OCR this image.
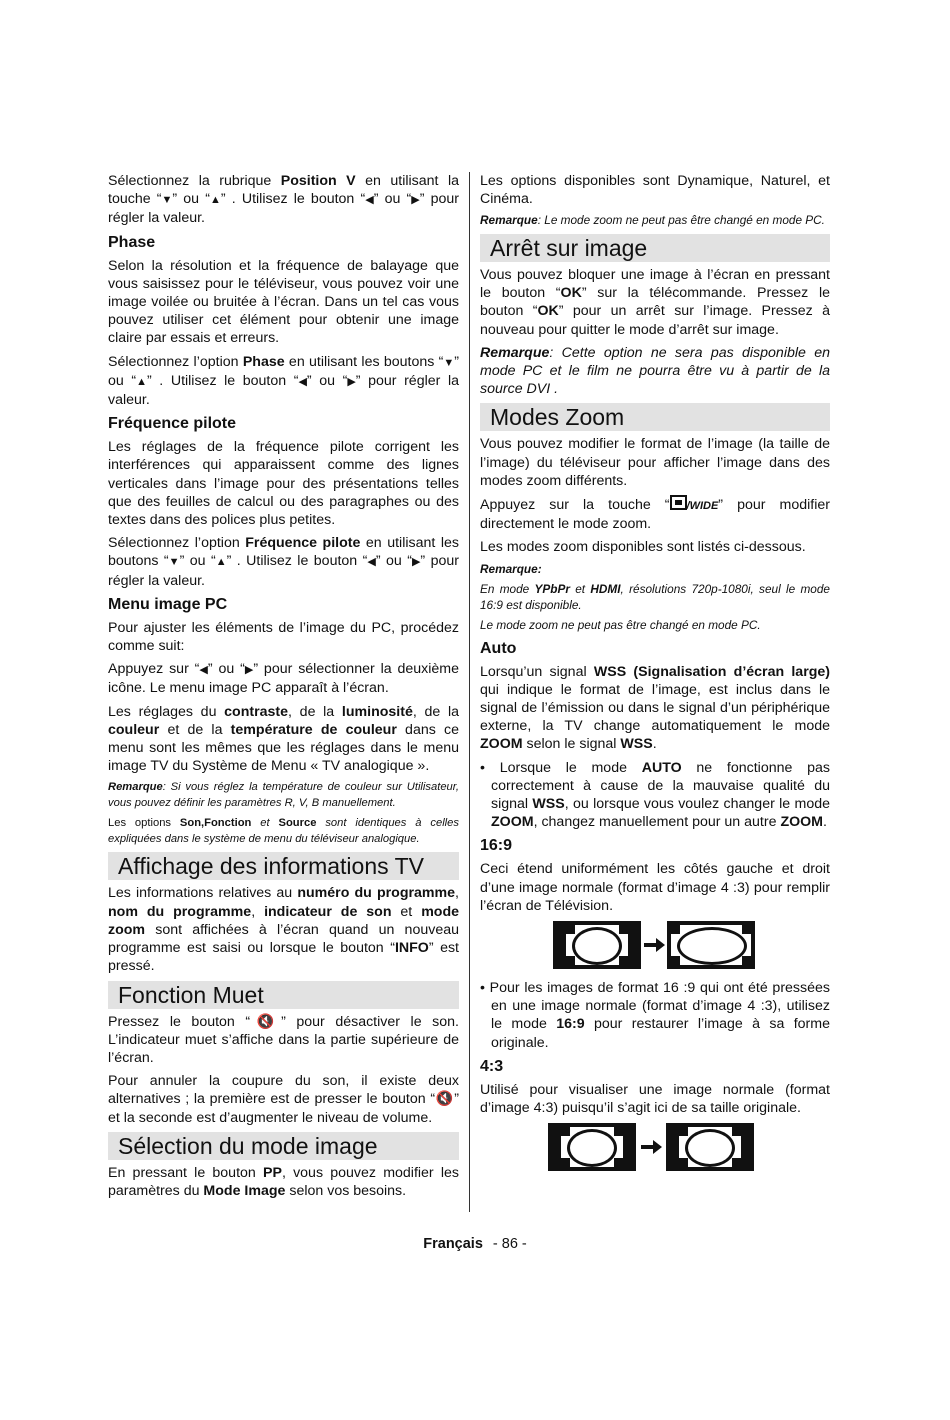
Sélectionnez la rubrique Position V en utilisant la touche “▼” ou “▲” . Utilisez le bouton “◀” ou “▶” pour régler la valeur.

Phase

Selon la résolution et la fréquence de balayage que vous saisissez pour le téléviseur, vous pouvez voir une image voilée ou bruitée à l’écran. Dans un tel cas vous pouvez utiliser cet élément pour obtenir une image claire par essais et erreurs.

Sélectionnez l’option Phase en utilisant les boutons “▼” ou “▲” . Utilisez le bouton “◀” ou “▶” pour régler la valeur.

Fréquence pilote

Les réglages de la fréquence pilote corrigent les interférences qui apparaissent comme des lignes verticales dans l’image pour des présentations telles que des feuilles de calcul ou des paragraphes ou des textes dans des polices plus petites.

Sélectionnez l’option Fréquence pilote en utilisant les boutons “▼” ou “▲” . Utilisez le bouton “◀” ou “▶” pour régler la valeur.

Menu image PC

Pour ajuster les éléments de l’image du PC, procédez comme suit:

Appuyez sur “◀” ou “▶” pour sélectionner la deuxième icône. Le menu image PC apparaît à l’écran.

Les réglages du contraste, de la luminosité, de la couleur et de la température de couleur dans ce menu sont les mêmes que les réglages dans le menu image TV du Système de Menu « TV analogique ».

Remarque: Si vous réglez la température de couleur sur Utilisateur, vous pouvez définir les paramètres R, V, B manuellement.
Les options Son,Fonction et Source sont identiques à celles expliquées dans le système de menu du téléviseur analogique.
Affichage des informations TV

Les informations relatives au numéro du programme, nom du programme, indicateur de son et mode zoom sont affichées à l’écran quand un nouveau programme est saisi ou lorsque le bouton “INFO” est pressé.

Fonction Muet

Pressez le bouton “🔇” pour désactiver le son. L’indicateur muet s’affiche dans la partie supérieure de l’écran.

Pour annuler la coupure du son, il existe deux alternatives ; la première est de presser le bouton “🔇” et la seconde est d’augmenter le niveau de volume.

Sélection du mode image

En pressant le bouton PP, vous pouvez modifier les paramètres du Mode Image selon vos besoins.

Les options disponibles sont Dynamique, Naturel, et Cinéma.

Remarque: Le mode zoom ne peut pas être changé en mode PC.
Arrêt sur image

Vous pouvez bloquer une image à l’écran en pressant le bouton “OK” sur la télécommande. Pressez le bouton “OK” pour un arrêt sur l’image. Pressez à nouveau pour quitter le mode d’arrêt sur image.

Remarque: Cette option ne sera pas disponible en mode PC et le film ne pourra être vu à partir de la source DVI .
Modes Zoom

Vous pouvez modifier le format de l’image (la taille de l’image) du téléviseur pour afficher l’image dans des modes zoom différents.

Appuyez sur la touche “ /WIDE” pour modifier directement le mode zoom.

Les modes zoom disponibles sont listés ci-dessous.

Remarque:
En mode YPbPr et HDMI, résolutions 720p-1080i, seul le mode 16:9 est disponible.
Le mode zoom ne peut pas être changé en mode PC.
Auto

Lorsqu’un signal WSS (Signalisation d’écran large) qui indique le format de l’image, est inclus dans le signal de l’émission ou dans le signal d’un périphérique externe, la TV change automatiquement le mode ZOOM selon le signal WSS.

• Lorsque le mode AUTO ne fonctionne pas correctement à cause de la mauvaise qualité du signal WSS, ou lorsque vous voulez changer le mode ZOOM, changez manuellement pour un autre ZOOM.

16:9

Ceci étend uniformément les côtés gauche et droit d’une image normale (format d’image 4 :3) pour remplir l’écran de Télévision.

• Pour les images de format 16 :9 qui ont été pressées en une image normale (format d’image 4 :3), utilisez le mode 16:9 pour restaurer l’image à sa forme originale.

4:3

Utilisé pour visualiser une image normale (format d’image 4:3) puisqu’il s’agit ici de sa taille originale.

Français - 86 -
